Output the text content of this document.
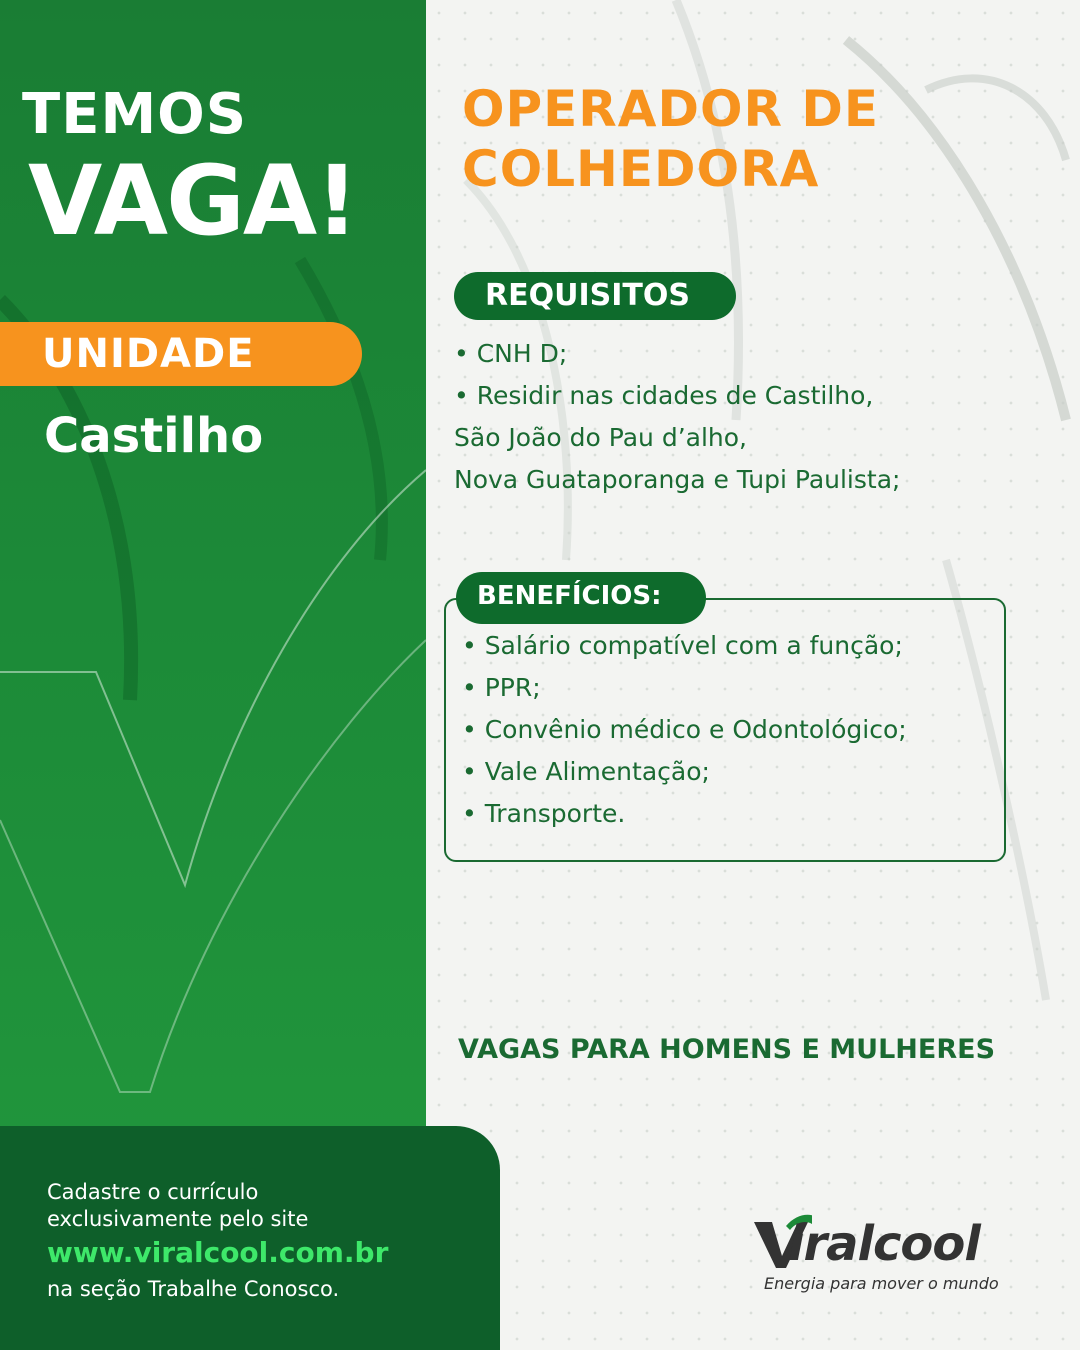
TEMOS
VAGA!
UNIDADE
Castilho
OPERADOR DE
COLHEDORA
REQUISITOS
• CNH D;
• Residir nas cidades de Castilho,
São João do Pau d’alho,
Nova Guataporanga e Tupi Paulista;
BENEFÍCIOS:
• Salário compatível com a função;
• PPR;
• Convênio médico e Odontológico;
• Vale Alimentação;
• Transporte.
VAGAS PARA HOMENS E MULHERES
Cadastre o currículo
exclusivamente pelo site
www.viralcool.com.br
na seção Trabalhe Conosco.
iralcool
Energia para mover o mundo
